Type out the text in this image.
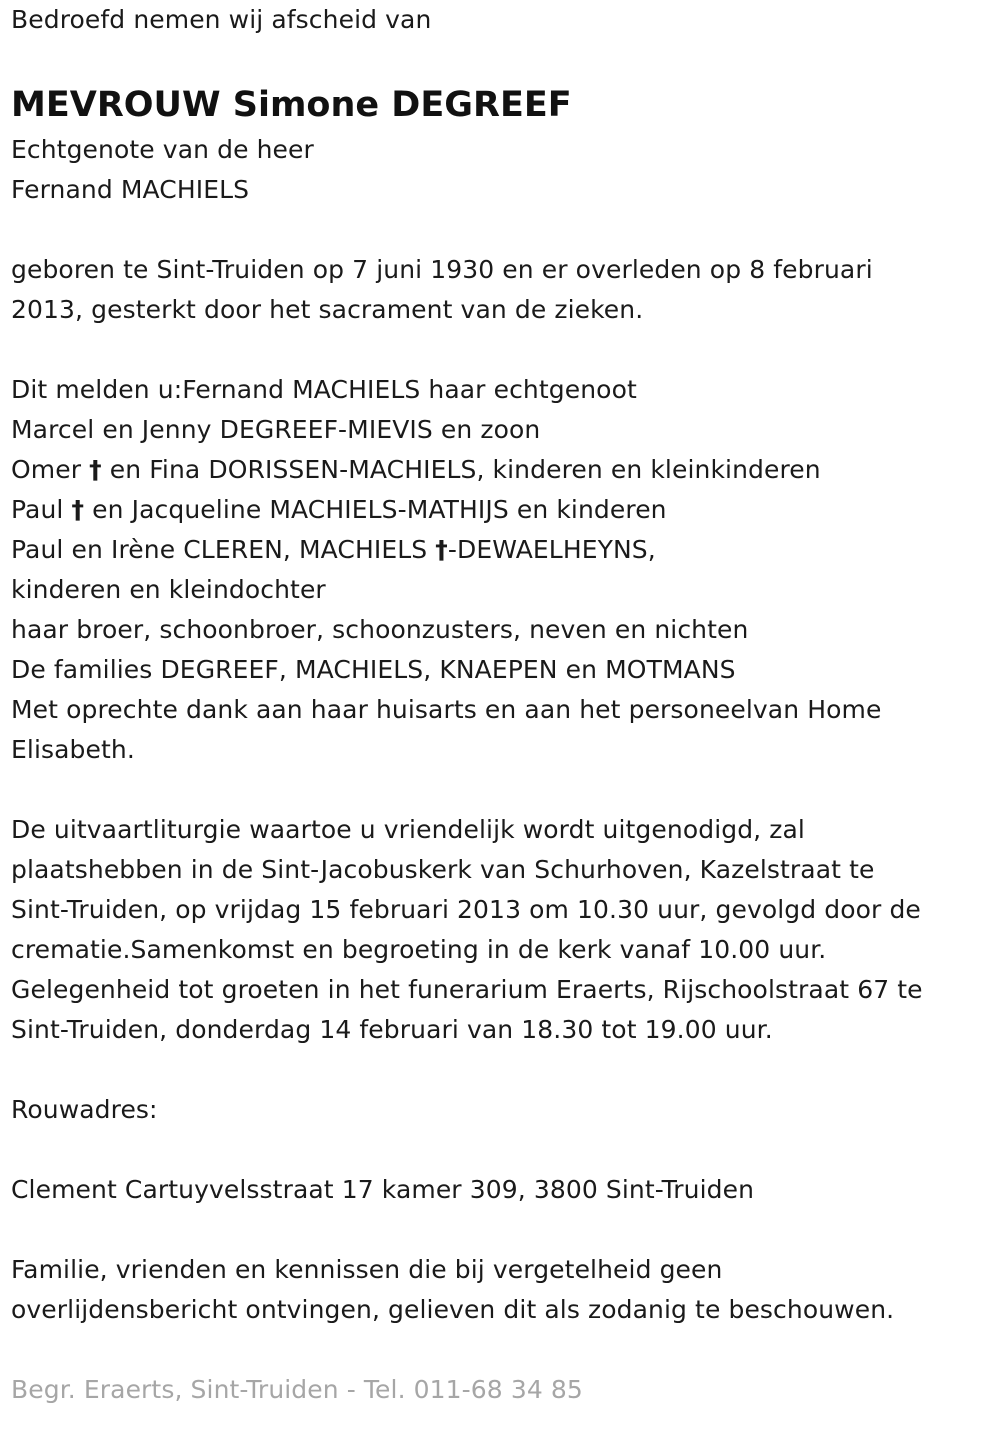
Bedroefd nemen wij afscheid van
MEVROUW Simone DEGREEF
Echtgenote van de heer
Fernand MACHIELS
geboren te Sint-Truiden op 7 juni 1930 en er overleden op 8 februari
2013, gesterkt door het sacrament van de zieken.
Dit melden u:Fernand MACHIELS haar echtgenoot
Marcel en Jenny DEGREEF-MIEVIS en zoon
Omer † en Fina DORISSEN-MACHIELS, kinderen en kleinkinderen
Paul † en Jacqueline MACHIELS-MATHIJS en kinderen
Paul en Irène CLEREN, MACHIELS †-DEWAELHEYNS,
kinderen en kleindochter
haar broer, schoonbroer, schoonzusters, neven en nichten
De families DEGREEF, MACHIELS, KNAEPEN en MOTMANS
Met oprechte dank aan haar huisarts en aan het personeelvan Home
Elisabeth.
De uitvaartliturgie waartoe u vriendelijk wordt uitgenodigd, zal
plaatshebben in de Sint-Jacobuskerk van Schurhoven, Kazelstraat te
Sint-Truiden, op vrijdag 15 februari 2013 om 10.30 uur, gevolgd door de
crematie.Samenkomst en begroeting in de kerk vanaf 10.00 uur.
Gelegenheid tot groeten in het funerarium Eraerts, Rijschoolstraat 67 te
Sint-Truiden, donderdag 14 februari van 18.30 tot 19.00 uur.
Rouwadres:
Clement Cartuyvelsstraat 17 kamer 309, 3800 Sint-Truiden
Familie, vrienden en kennissen die bij vergetelheid geen
overlijdensbericht ontvingen, gelieven dit als zodanig te beschouwen.
Begr. Eraerts, Sint-Truiden - Tel. 011-68 34 85
